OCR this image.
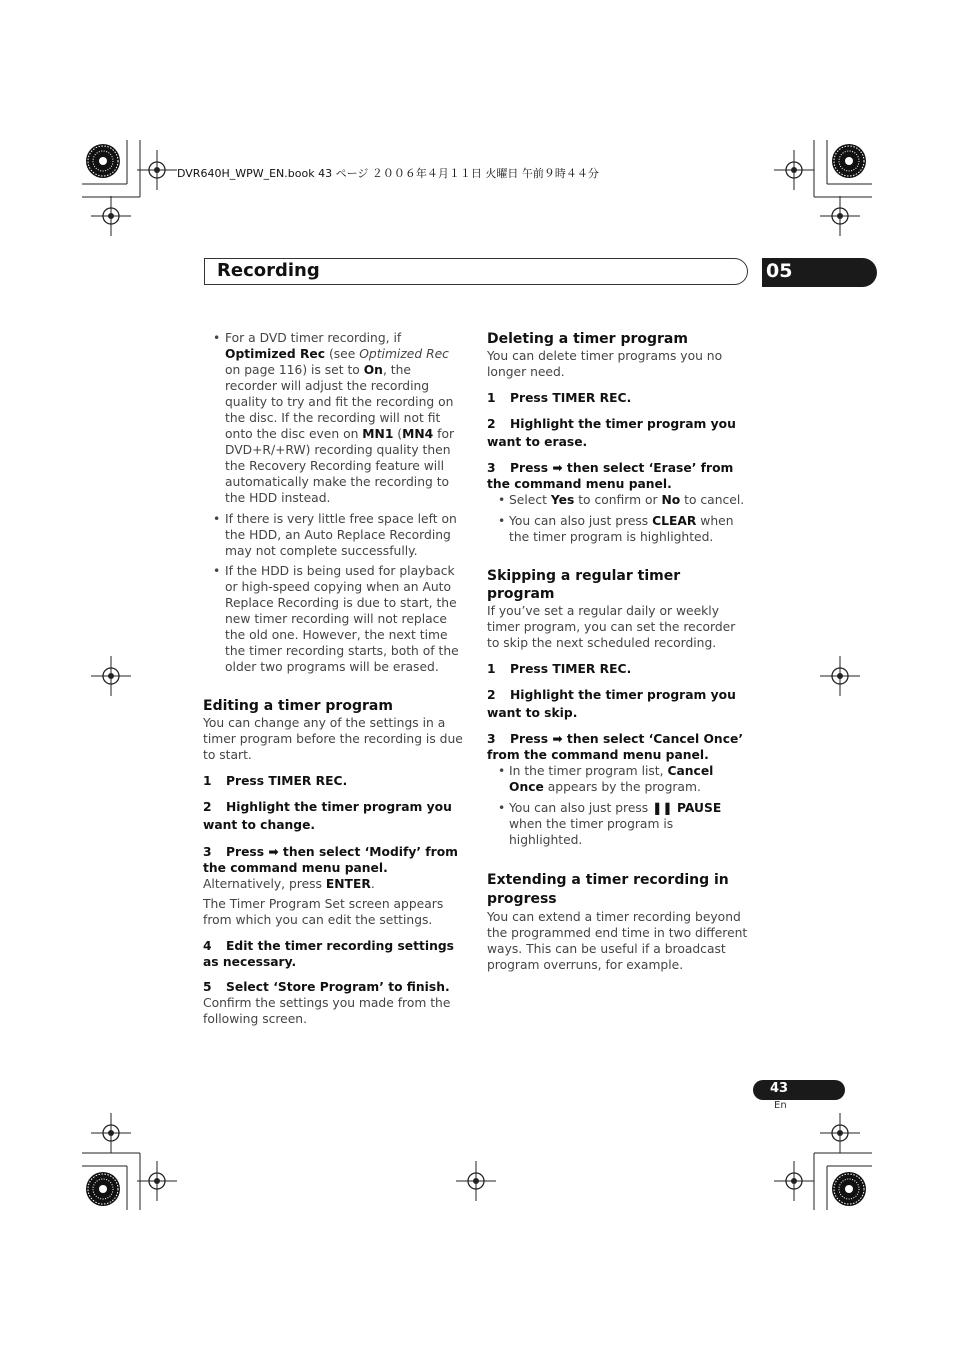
DVR640H_WPW_EN.book 43 ページ ２００６年４月１１日 火曜日 午前９時４４分
Recording	05
• For a DVD timer recording, if Optimized Rec (see Optimized Rec on page 116) is set to On, the recorder will adjust the recording quality to try and fit the recording on the disc. If the recording will not fit onto the disc even on MN1 (MN4 for DVD+R/+RW) recording quality then the Recovery Recording feature will automatically make the recording to the HDD instead.
• If there is very little free space left on the HDD, an Auto Replace Recording may not complete successfully.
• If the HDD is being used for playback or high-speed copying when an Auto Replace Recording is due to start, the new timer recording will not replace the old one. However, the next time the timer recording starts, both of the older two programs will be erased.

Editing a timer program

You can change any of the settings in a timer program before the recording is due to start.

1 Press TIMER REC.

2 Highlight the timer program you want to change.

3 Press ➡ then select ‘Modify’ from the command menu panel.

Alternatively, press ENTER.

The Timer Program Set screen appears from which you can edit the settings.

4 Edit the timer recording settings as necessary.

5 Select ‘Store Program’ to finish.

Confirm the settings you made from the following screen.

Deleting a timer program

You can delete timer programs you no longer need.

1 Press TIMER REC.

2 Highlight the timer program you want to erase.

3 Press ➡ then select ‘Erase’ from the command menu panel.

• Select Yes to confirm or No to cancel.
• You can also just press CLEAR when the timer program is highlighted.

Skipping a regular timer program

If you’ve set a regular daily or weekly timer program, you can set the recorder to skip the next scheduled recording.

1 Press TIMER REC.

2 Highlight the timer program you want to skip.

3 Press ➡ then select ‘Cancel Once’ from the command menu panel.

• In the timer program list, Cancel Once appears by the program.
• You can also just press ❚❚ PAUSE when the timer program is highlighted.

Extending a timer recording in progress

You can extend a timer recording beyond the programmed end time in two different ways. This can be useful if a broadcast program overruns, for example.

43
En
